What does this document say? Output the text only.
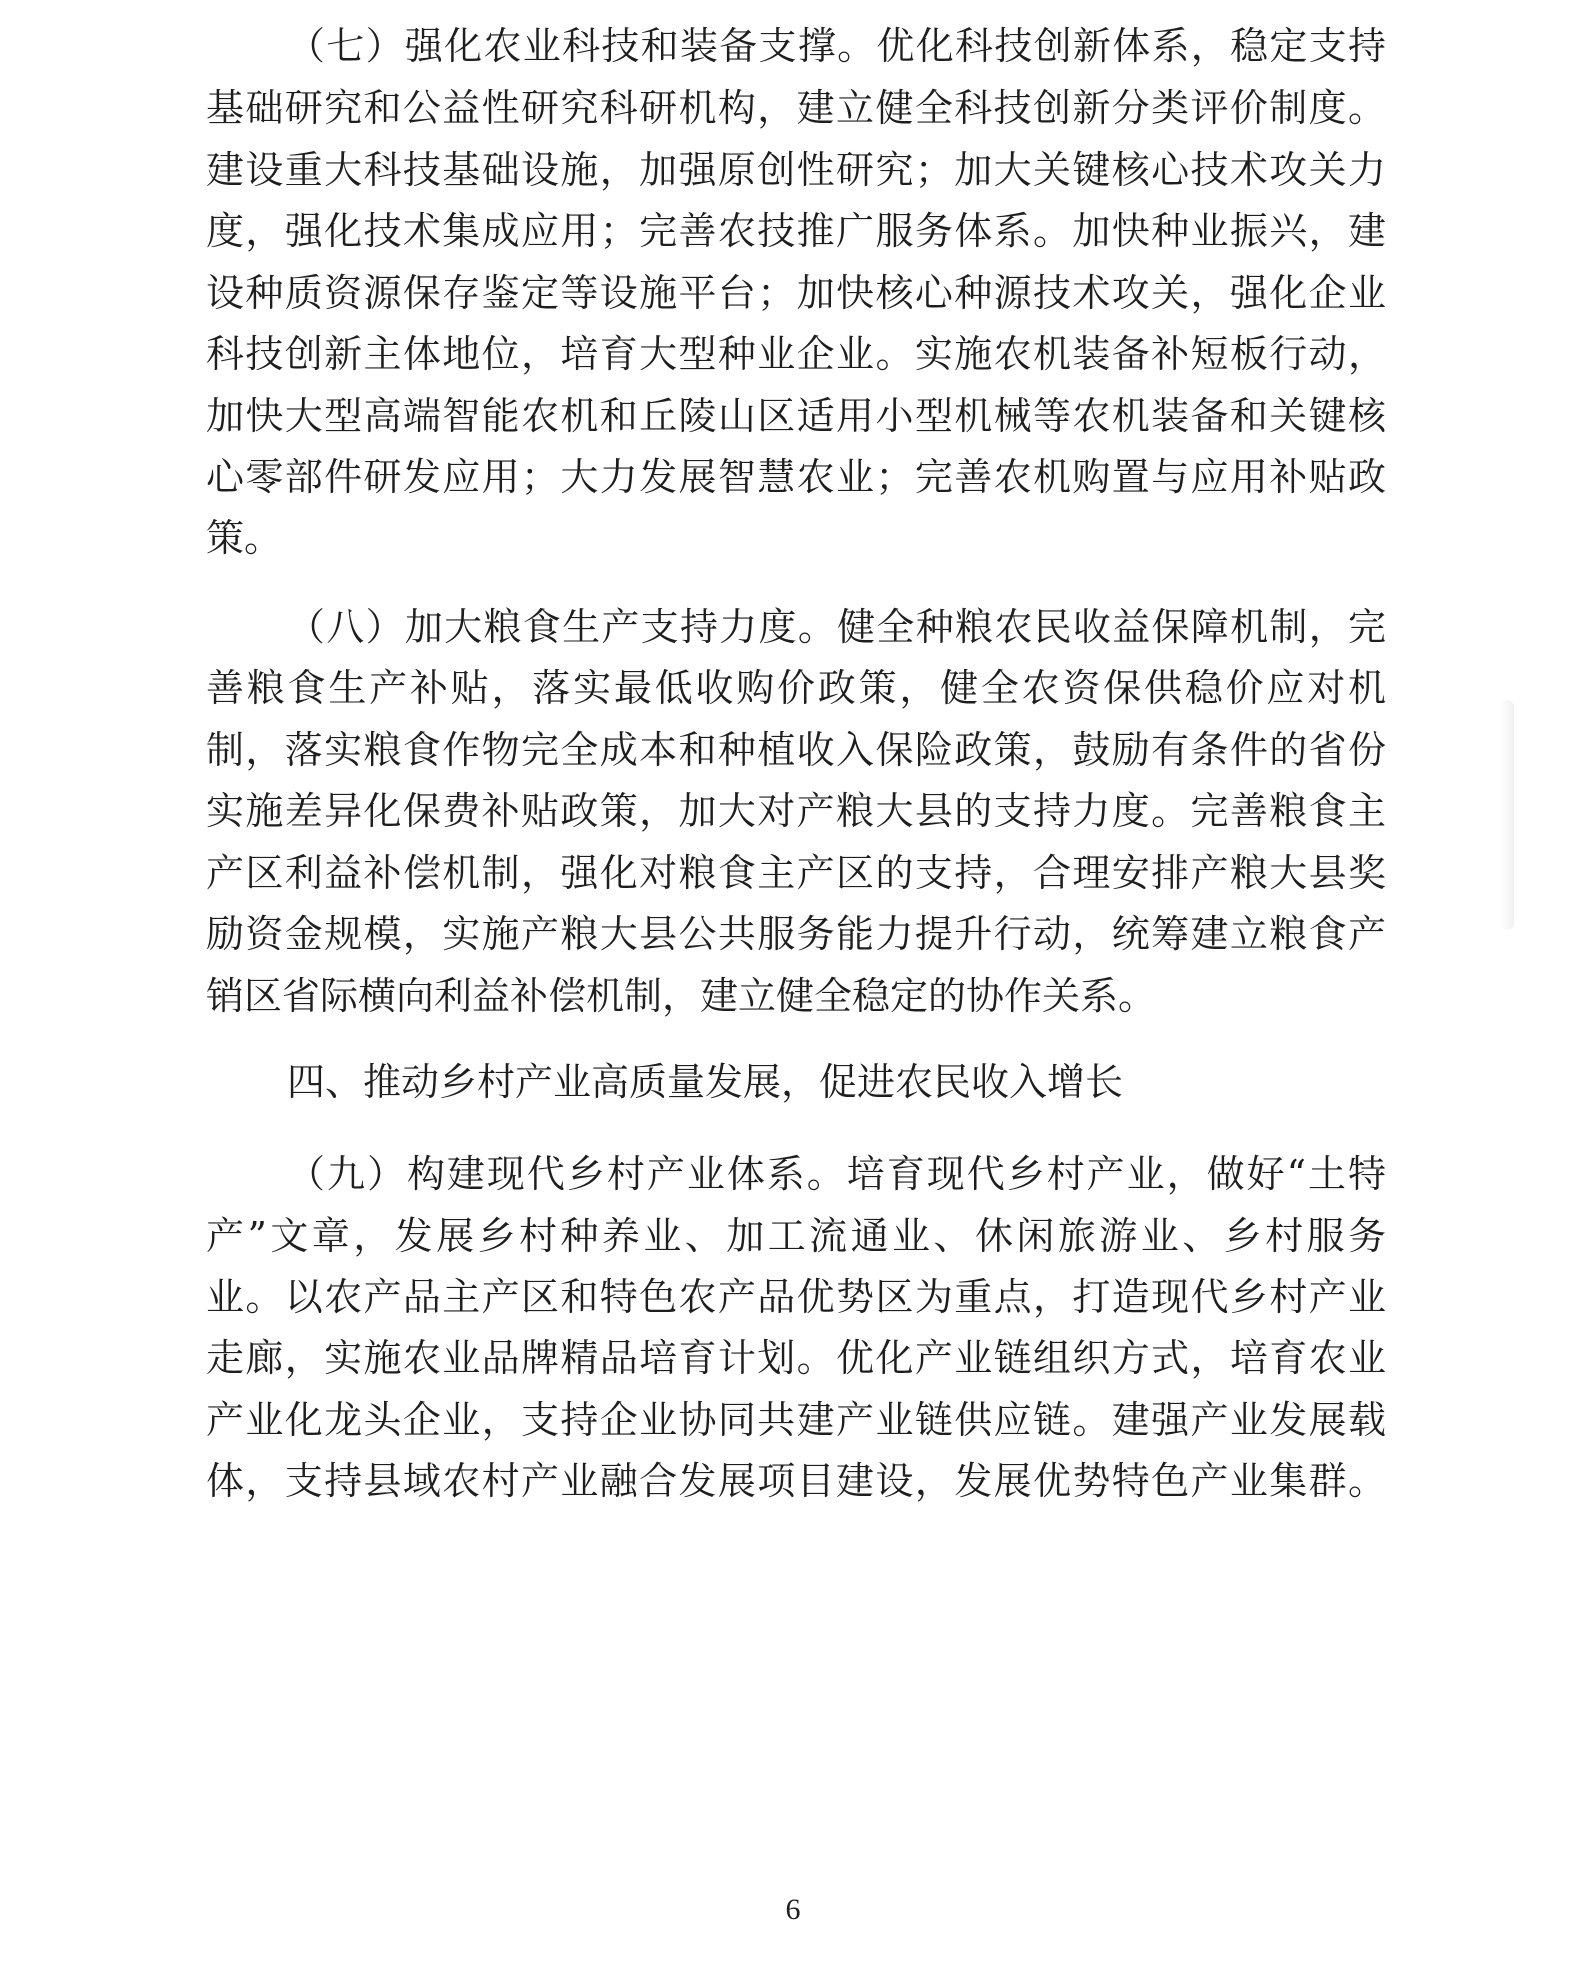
（七）强化农业科技和装备支撑。优化科技创新体系，稳定支持
基础研究和公益性研究科研机构，建立健全科技创新分类评价制度。
建设重大科技基础设施，加强原创性研究；加大关键核心技术攻关力
度，强化技术集成应用；完善农技推广服务体系。加快种业振兴，建
设种质资源保存鉴定等设施平台；加快核心种源技术攻关，强化企业
科技创新主体地位，培育大型种业企业。实施农机装备补短板行动，
加快大型高端智能农机和丘陵山区适用小型机械等农机装备和关键核
心零部件研发应用；大力发展智慧农业；完善农机购置与应用补贴政
策。
（八）加大粮食生产支持力度。健全种粮农民收益保障机制，完
善粮食生产补贴，落实最低收购价政策，健全农资保供稳价应对机
制，落实粮食作物完全成本和种植收入保险政策，鼓励有条件的省份
实施差异化保费补贴政策，加大对产粮大县的支持力度。完善粮食主
产区利益补偿机制，强化对粮食主产区的支持，合理安排产粮大县奖
励资金规模，实施产粮大县公共服务能力提升行动，统筹建立粮食产
销区省际横向利益补偿机制，建立健全稳定的协作关系。
四、推动乡村产业高质量发展，促进农民收入增长
（九）构建现代乡村产业体系。培育现代乡村产业，做好“土特
产”文章，发展乡村种养业、加工流通业、休闲旅游业、乡村服务
业。以农产品主产区和特色农产品优势区为重点，打造现代乡村产业
走廊，实施农业品牌精品培育计划。优化产业链组织方式，培育农业
产业化龙头企业，支持企业协同共建产业链供应链。建强产业发展载
体，支持县域农村产业融合发展项目建设，发展优势特色产业集群。
6
